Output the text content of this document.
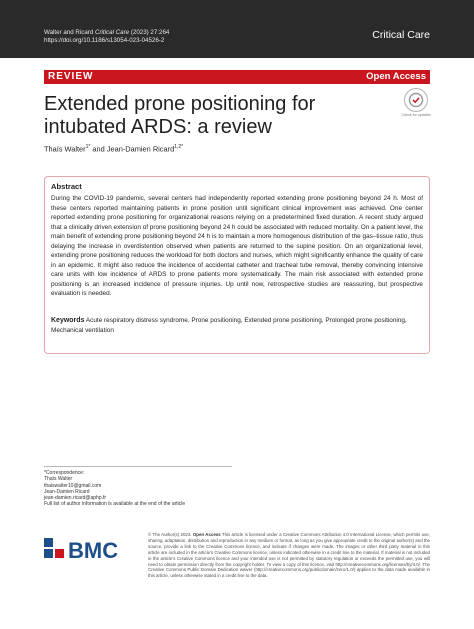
Walter and Ricard Critical Care (2023) 27:264
https://doi.org/10.1186/s13054-023-04526-2	Critical Care
REVIEW	Open Access
Extended prone positioning for intubated ARDS: a review
Check for updates
Thaïs Walter$^{1*}$ and Jean-Damien Ricard$^{1,2*}$
Abstract
During the COVID-19 pandemic, several centers had independently reported extending prone positioning beyond 24 h. Most of these centers reported maintaining patients in prone position until significant clinical improvement was achieved. One center reported extending prone positioning for organizational reasons relying on a predetermined fixed duration. A recent study argued that a clinically driven extension of prone positioning beyond 24 h could be associated with reduced mortality. On a patient level, the main benefit of extending prone positioning beyond 24 h is to maintain a more homogenous distribution of the gas–tissue ratio, thus delaying the increase in overdistention observed when patients are returned to the supine position. On an organizational level, extending prone positioning reduces the workload for both doctors and nurses, which might significantly enhance the quality of care in an epidemic. It might also reduce the incidence of accidental catheter and tracheal tube removal, thereby convincing intensive care units with low incidence of ARDS to prone patients more systematically. The main risk associated with extended prone positioning is an increased incidence of pressure injuries. Up until now, retrospective studies are reassuring, but prospective evaluation is needed.
Keywords Acute respiratory distress syndrome, Prone positioning, Extended prone positioning, Prolonged prone positioning, Mechanical ventilation
*Correspondence:
Thaïs Walter
thaiswalter10@gmail.com
Jean-Damien Ricard
jean-damien.ricard@aphp.fr
Full list of author information is available at the end of the article
BMC
© The Author(s) 2023. Open Access This article is licensed under a Creative Commons Attribution 4.0 International License, which permits use, sharing, adaptation, distribution and reproduction in any medium or format, as long as you give appropriate credit to the original author(s) and the source, provide a link to the Creative Commons licence, and indicate if changes were made. The images or other third party material in this article are included in the article's Creative Commons licence, unless indicated otherwise in a credit line to the material. If material is not included in the article's Creative Commons licence and your intended use is not permitted by statutory regulation or exceeds the permitted use, you will need to obtain permission directly from the copyright holder. To view a copy of this licence, visit http://creativecommons.org/licenses/by/4.0/. The Creative Commons Public Domain Dedication waiver (http://creativecommons.org/publicdomain/zero/1.0/) applies to the data made available in this article, unless otherwise stated in a credit line to the data.
